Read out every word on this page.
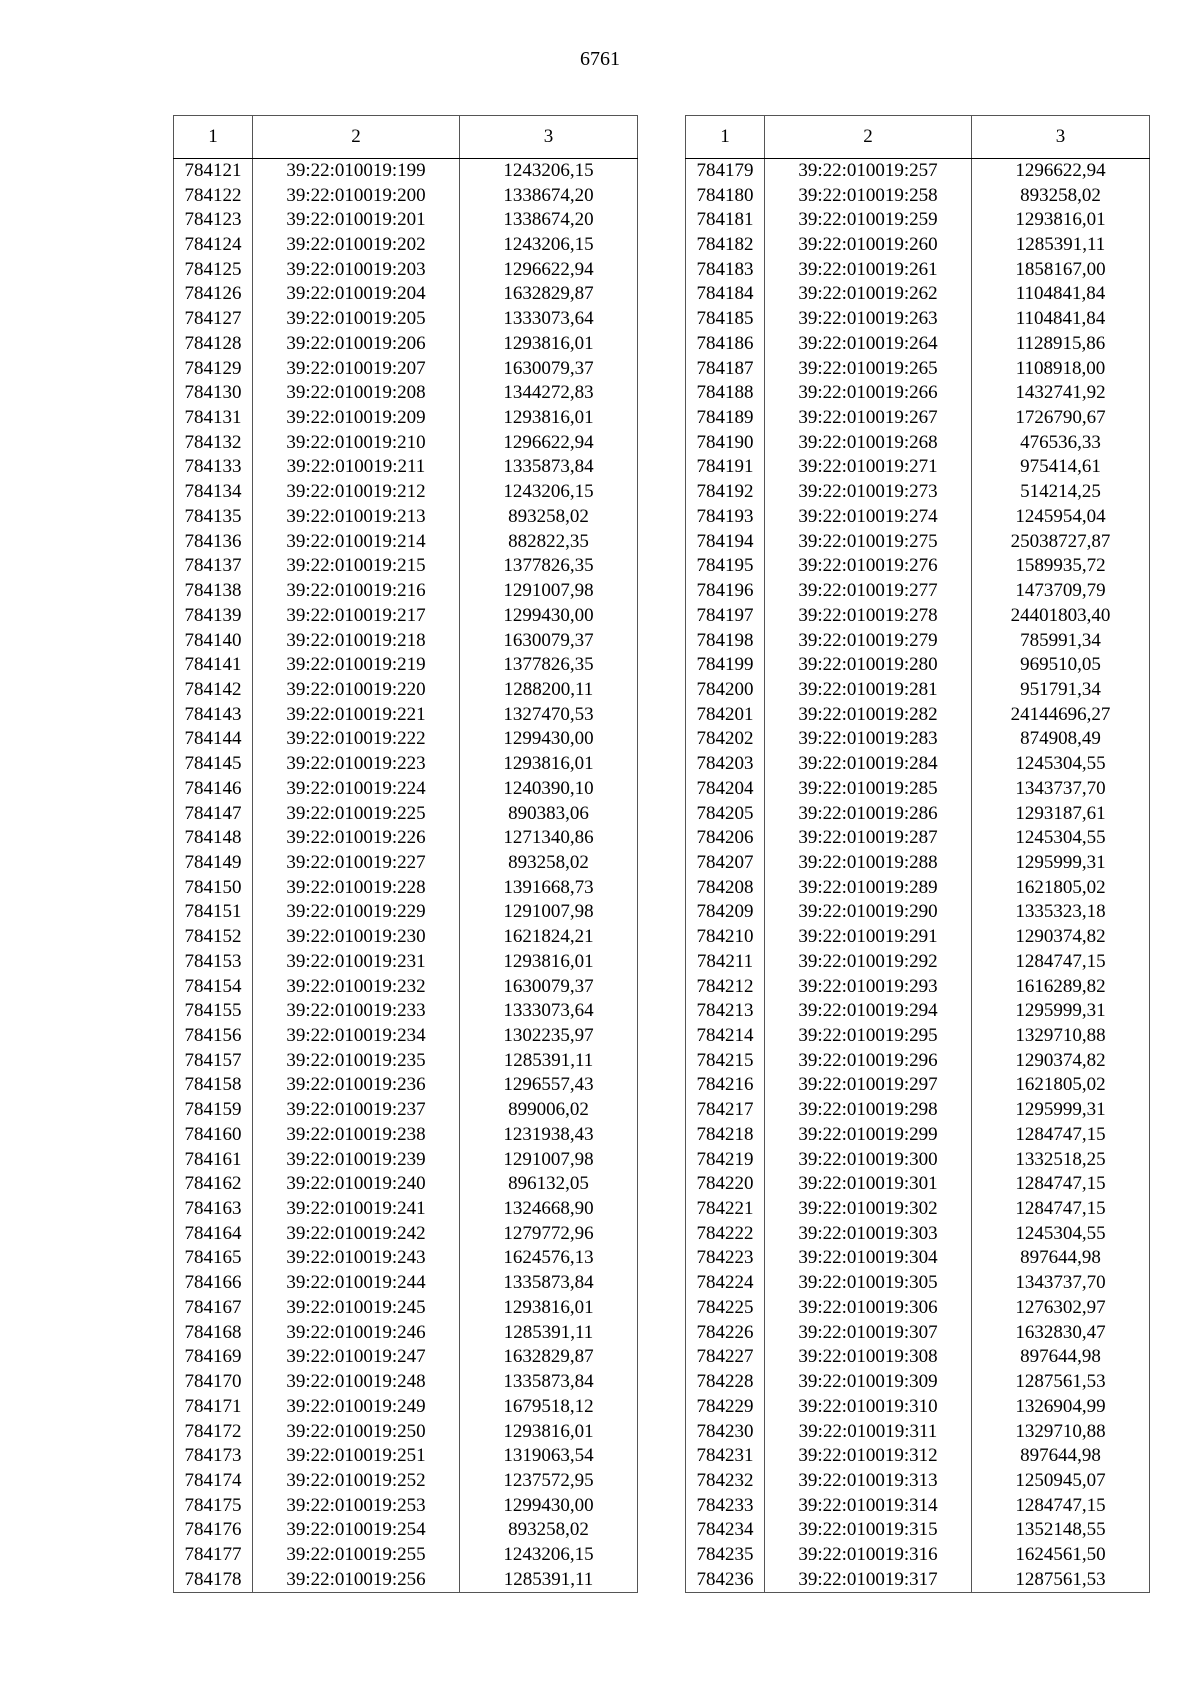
6761
1	2	3
784121	39:22:010019:199	1243206,15
784122	39:22:010019:200	1338674,20
784123	39:22:010019:201	1338674,20
784124	39:22:010019:202	1243206,15
784125	39:22:010019:203	1296622,94
784126	39:22:010019:204	1632829,87
784127	39:22:010019:205	1333073,64
784128	39:22:010019:206	1293816,01
784129	39:22:010019:207	1630079,37
784130	39:22:010019:208	1344272,83
784131	39:22:010019:209	1293816,01
784132	39:22:010019:210	1296622,94
784133	39:22:010019:211	1335873,84
784134	39:22:010019:212	1243206,15
784135	39:22:010019:213	893258,02
784136	39:22:010019:214	882822,35
784137	39:22:010019:215	1377826,35
784138	39:22:010019:216	1291007,98
784139	39:22:010019:217	1299430,00
784140	39:22:010019:218	1630079,37
784141	39:22:010019:219	1377826,35
784142	39:22:010019:220	1288200,11
784143	39:22:010019:221	1327470,53
784144	39:22:010019:222	1299430,00
784145	39:22:010019:223	1293816,01
784146	39:22:010019:224	1240390,10
784147	39:22:010019:225	890383,06
784148	39:22:010019:226	1271340,86
784149	39:22:010019:227	893258,02
784150	39:22:010019:228	1391668,73
784151	39:22:010019:229	1291007,98
784152	39:22:010019:230	1621824,21
784153	39:22:010019:231	1293816,01
784154	39:22:010019:232	1630079,37
784155	39:22:010019:233	1333073,64
784156	39:22:010019:234	1302235,97
784157	39:22:010019:235	1285391,11
784158	39:22:010019:236	1296557,43
784159	39:22:010019:237	899006,02
784160	39:22:010019:238	1231938,43
784161	39:22:010019:239	1291007,98
784162	39:22:010019:240	896132,05
784163	39:22:010019:241	1324668,90
784164	39:22:010019:242	1279772,96
784165	39:22:010019:243	1624576,13
784166	39:22:010019:244	1335873,84
784167	39:22:010019:245	1293816,01
784168	39:22:010019:246	1285391,11
784169	39:22:010019:247	1632829,87
784170	39:22:010019:248	1335873,84
784171	39:22:010019:249	1679518,12
784172	39:22:010019:250	1293816,01
784173	39:22:010019:251	1319063,54
784174	39:22:010019:252	1237572,95
784175	39:22:010019:253	1299430,00
784176	39:22:010019:254	893258,02
784177	39:22:010019:255	1243206,15
784178	39:22:010019:256	1285391,11
1	2	3
784179	39:22:010019:257	1296622,94
784180	39:22:010019:258	893258,02
784181	39:22:010019:259	1293816,01
784182	39:22:010019:260	1285391,11
784183	39:22:010019:261	1858167,00
784184	39:22:010019:262	1104841,84
784185	39:22:010019:263	1104841,84
784186	39:22:010019:264	1128915,86
784187	39:22:010019:265	1108918,00
784188	39:22:010019:266	1432741,92
784189	39:22:010019:267	1726790,67
784190	39:22:010019:268	476536,33
784191	39:22:010019:271	975414,61
784192	39:22:010019:273	514214,25
784193	39:22:010019:274	1245954,04
784194	39:22:010019:275	25038727,87
784195	39:22:010019:276	1589935,72
784196	39:22:010019:277	1473709,79
784197	39:22:010019:278	24401803,40
784198	39:22:010019:279	785991,34
784199	39:22:010019:280	969510,05
784200	39:22:010019:281	951791,34
784201	39:22:010019:282	24144696,27
784202	39:22:010019:283	874908,49
784203	39:22:010019:284	1245304,55
784204	39:22:010019:285	1343737,70
784205	39:22:010019:286	1293187,61
784206	39:22:010019:287	1245304,55
784207	39:22:010019:288	1295999,31
784208	39:22:010019:289	1621805,02
784209	39:22:010019:290	1335323,18
784210	39:22:010019:291	1290374,82
784211	39:22:010019:292	1284747,15
784212	39:22:010019:293	1616289,82
784213	39:22:010019:294	1295999,31
784214	39:22:010019:295	1329710,88
784215	39:22:010019:296	1290374,82
784216	39:22:010019:297	1621805,02
784217	39:22:010019:298	1295999,31
784218	39:22:010019:299	1284747,15
784219	39:22:010019:300	1332518,25
784220	39:22:010019:301	1284747,15
784221	39:22:010019:302	1284747,15
784222	39:22:010019:303	1245304,55
784223	39:22:010019:304	897644,98
784224	39:22:010019:305	1343737,70
784225	39:22:010019:306	1276302,97
784226	39:22:010019:307	1632830,47
784227	39:22:010019:308	897644,98
784228	39:22:010019:309	1287561,53
784229	39:22:010019:310	1326904,99
784230	39:22:010019:311	1329710,88
784231	39:22:010019:312	897644,98
784232	39:22:010019:313	1250945,07
784233	39:22:010019:314	1284747,15
784234	39:22:010019:315	1352148,55
784235	39:22:010019:316	1624561,50
784236	39:22:010019:317	1287561,53
